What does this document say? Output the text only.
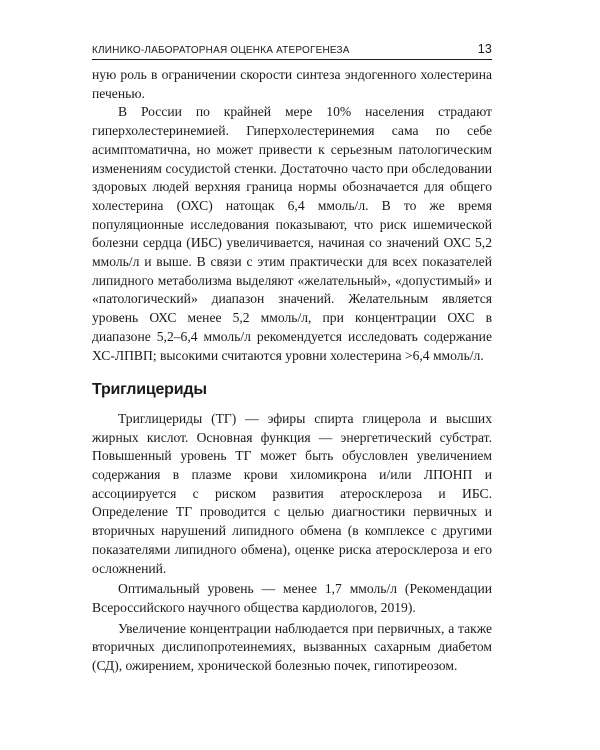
КЛИНИКО-ЛАБОРАТОРНАЯ ОЦЕНКА АТЕРОГЕНЕЗА	13

ную роль в ограничении скорости синтеза эндогенного холестерина печенью.

В России по крайней мере 10% населения страдают гиперхолестеринемией. Гиперхолестеринемия сама по себе асимптоматична, но может привести к серьезным патологическим изменениям сосудистой стенки. Достаточно часто при обследовании здоровых людей верхняя граница нормы обозначается для общего холестерина (ОХС) натощак 6,4 ммоль/л. В то же время популяционные исследования показывают, что риск ишемической болезни сердца (ИБС) увеличивается, начиная со значений ОХС 5,2 ммоль/л и выше. В связи с этим практически для всех показателей липидного метаболизма выделяют «желательный», «допустимый» и «патологический» диапазон значений. Желательным является уровень ОХС менее 5,2 ммоль/л, при концентрации ОХС в диапазоне 5,2–6,4 ммоль/л рекомендуется исследовать содержание ХС-ЛПВП; высокими считаются уровни холестерина >6,4 ммоль/л.

Триглицериды

Триглицериды (ТГ) — эфиры спирта глицерола и высших жирных кислот. Основная функция — энергетический субстрат. Повышенный уровень ТГ может быть обусловлен увеличением содержания в плазме крови хиломикрона и/или ЛПОНП и ассоциируется с риском развития атеросклероза и ИБС. Определение ТГ проводится с целью диагностики первичных и вторичных нарушений липидного обмена (в комплексе с другими показателями липидного обмена), оценке риска атеросклероза и его осложнений.

Оптимальный уровень — менее 1,7 ммоль/л (Рекомендации Всероссийского научного общества кардиологов, 2019).

Увеличение концентрации наблюдается при первичных, а также вторичных дислипопротеинемиях, вызванных сахарным диабетом (СД), ожирением, хронической болезнью почек, гипотиреозом.
